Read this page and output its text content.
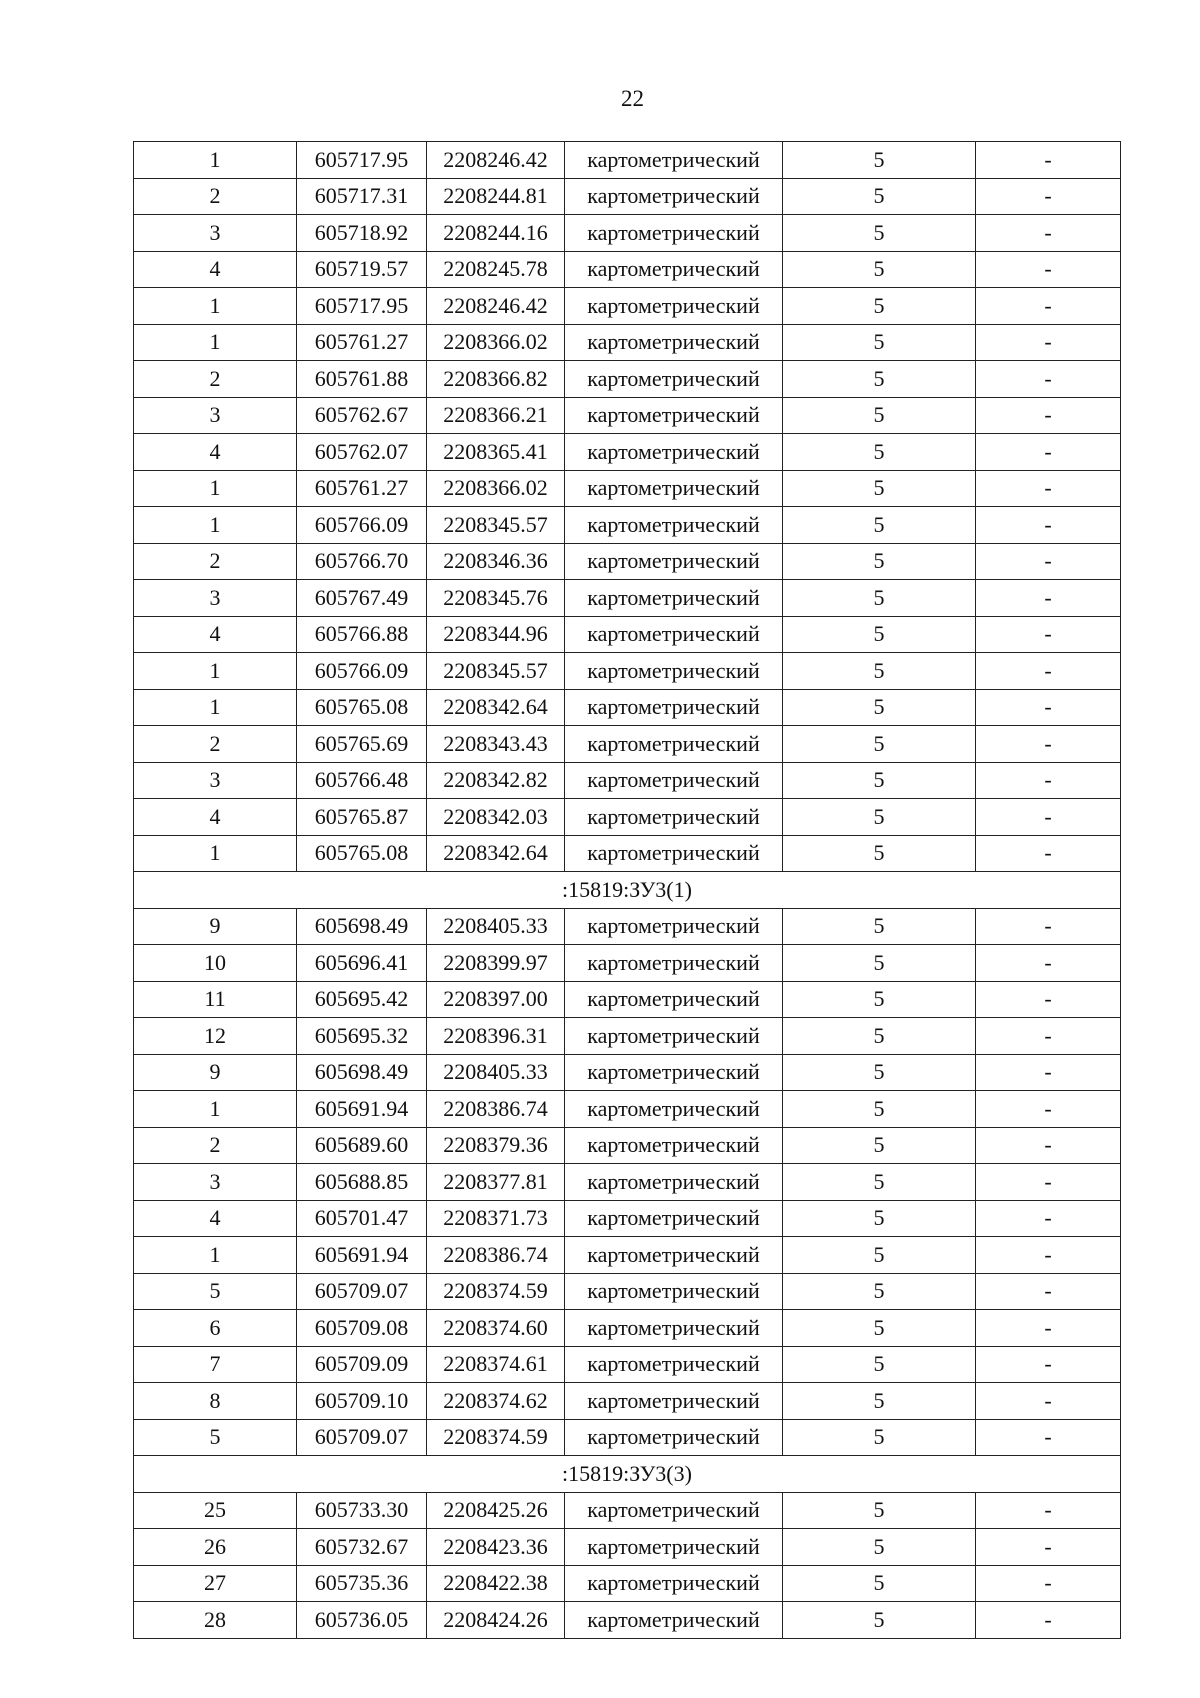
22
1	605717.95	2208246.42	картометрический	5	-
2	605717.31	2208244.81	картометрический	5	-
3	605718.92	2208244.16	картометрический	5	-
4	605719.57	2208245.78	картометрический	5	-
1	605717.95	2208246.42	картометрический	5	-
1	605761.27	2208366.02	картометрический	5	-
2	605761.88	2208366.82	картометрический	5	-
3	605762.67	2208366.21	картометрический	5	-
4	605762.07	2208365.41	картометрический	5	-
1	605761.27	2208366.02	картометрический	5	-
1	605766.09	2208345.57	картометрический	5	-
2	605766.70	2208346.36	картометрический	5	-
3	605767.49	2208345.76	картометрический	5	-
4	605766.88	2208344.96	картометрический	5	-
1	605766.09	2208345.57	картометрический	5	-
1	605765.08	2208342.64	картометрический	5	-
2	605765.69	2208343.43	картометрический	5	-
3	605766.48	2208342.82	картометрический	5	-
4	605765.87	2208342.03	картометрический	5	-
1	605765.08	2208342.64	картометрический	5	-
:15819:ЗУ3(1)					
9	605698.49	2208405.33	картометрический	5	-
10	605696.41	2208399.97	картометрический	5	-
11	605695.42	2208397.00	картометрический	5	-
12	605695.32	2208396.31	картометрический	5	-
9	605698.49	2208405.33	картометрический	5	-
1	605691.94	2208386.74	картометрический	5	-
2	605689.60	2208379.36	картометрический	5	-
3	605688.85	2208377.81	картометрический	5	-
4	605701.47	2208371.73	картометрический	5	-
1	605691.94	2208386.74	картометрический	5	-
5	605709.07	2208374.59	картометрический	5	-
6	605709.08	2208374.60	картометрический	5	-
7	605709.09	2208374.61	картометрический	5	-
8	605709.10	2208374.62	картометрический	5	-
5	605709.07	2208374.59	картометрический	5	-
:15819:ЗУ3(3)					
25	605733.30	2208425.26	картометрический	5	-
26	605732.67	2208423.36	картометрический	5	-
27	605735.36	2208422.38	картометрический	5	-
28	605736.05	2208424.26	картометрический	5	-
